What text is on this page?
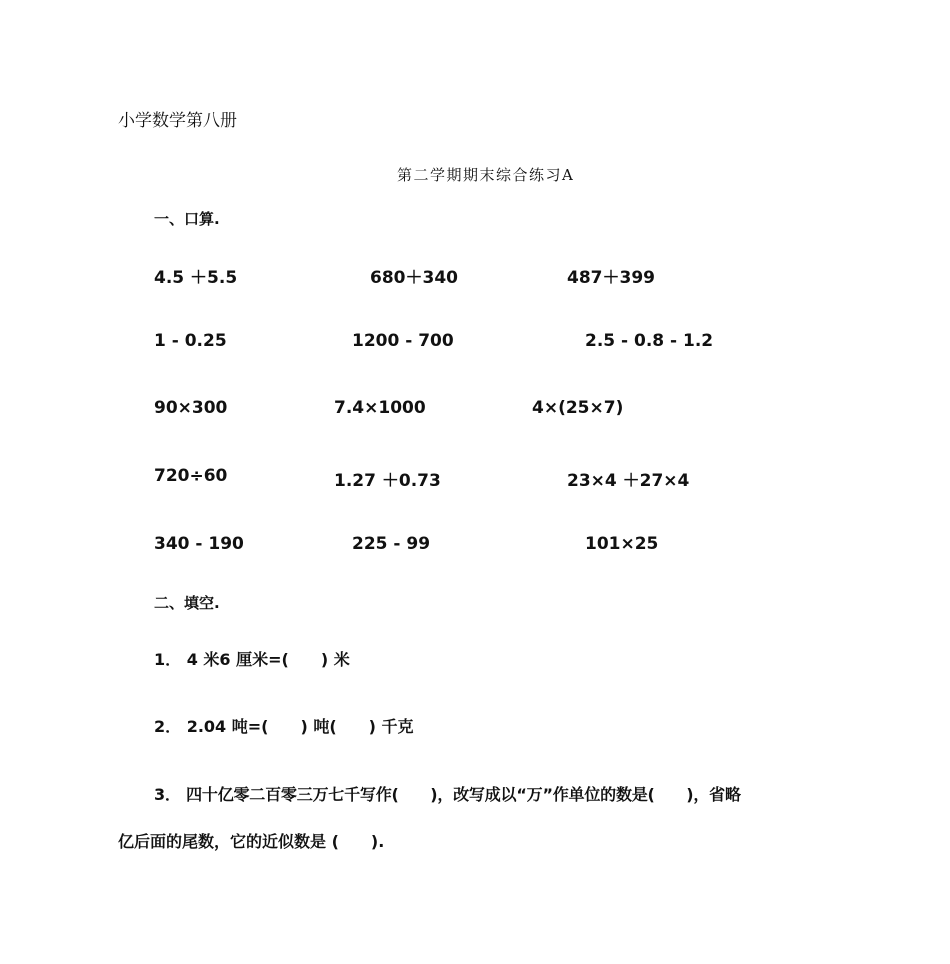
小学数学第八册
第二学期期末综合练习A
一、口算.
4.5 ＋5.5	680＋340	487＋399
1 - 0.25	1200 - 700	2.5 - 0.8 - 1.2
90×300	7.4×1000	4×(25×7)
720÷60	1.27 ＋0.73	23×4 ＋27×4
340 - 190	225 - 99	101×25
二、填空.
1． 4 米6 厘米=(　　) 米
2． 2.04 吨=(　　) 吨(　　) 千克
3． 四十亿零二百零三万七千写作(　　)，改写成以“万”作单位的数是(　　)，省略
亿后面的尾数，它的近似数是 (　　).
